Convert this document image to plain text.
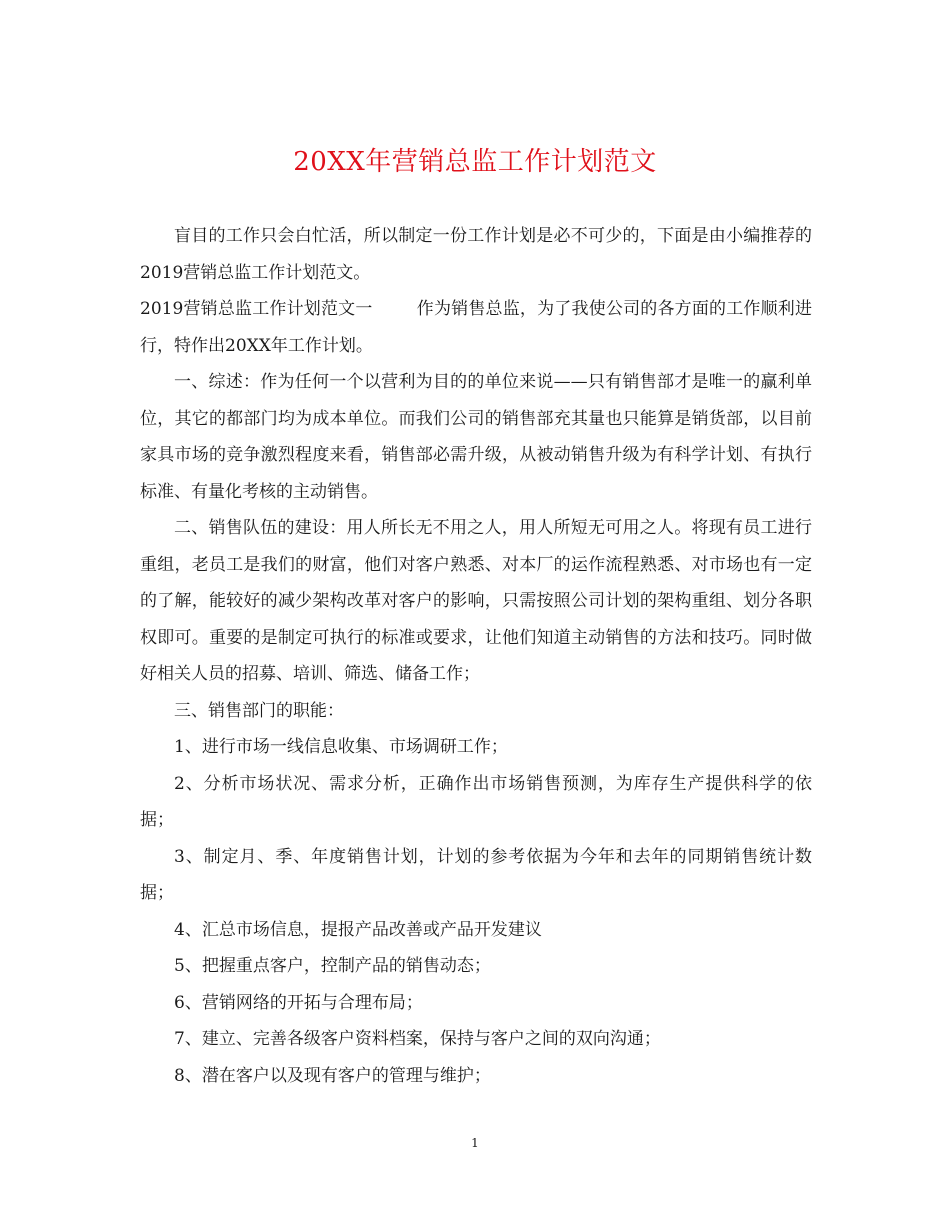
20XX年营销总监工作计划范文

盲目的工作只会白忙活，所以制定一份工作计划是必不可少的，下面是由小编推荐的2019营销总监工作计划范文。

2019营销总监工作计划范文一	作为销售总监，为了我使公司的各方面的工作顺利进行，特作出20XX年工作计划。

一、综述：作为任何一个以营利为目的的单位来说——只有销售部才是唯一的赢利单位，其它的都部门均为成本单位。而我们公司的销售部充其量也只能算是销货部，以目前家具市场的竞争激烈程度来看，销售部必需升级，从被动销售升级为有科学计划、有执行标准、有量化考核的主动销售。

二、销售队伍的建设：用人所长无不用之人，用人所短无可用之人。将现有员工进行重组，老员工是我们的财富，他们对客户熟悉、对本厂的运作流程熟悉、对市场也有一定的了解，能较好的减少架构改革对客户的影响，只需按照公司计划的架构重组、划分各职权即可。重要的是制定可执行的标准或要求，让他们知道主动销售的方法和技巧。同时做好相关人员的招募、培训、筛选、储备工作；

三、销售部门的职能：

1、进行市场一线信息收集、市场调研工作；

2、分析市场状况、需求分析，正确作出市场销售预测，为库存生产提供科学的依据；

3、制定月、季、年度销售计划，计划的参考依据为今年和去年的同期销售统计数据；

4、汇总市场信息，提报产品改善或产品开发建议

5、把握重点客户，控制产品的销售动态；

6、营销网络的开拓与合理布局；

7、建立、完善各级客户资料档案，保持与客户之间的双向沟通；

8、潜在客户以及现有客户的管理与维护；

1
